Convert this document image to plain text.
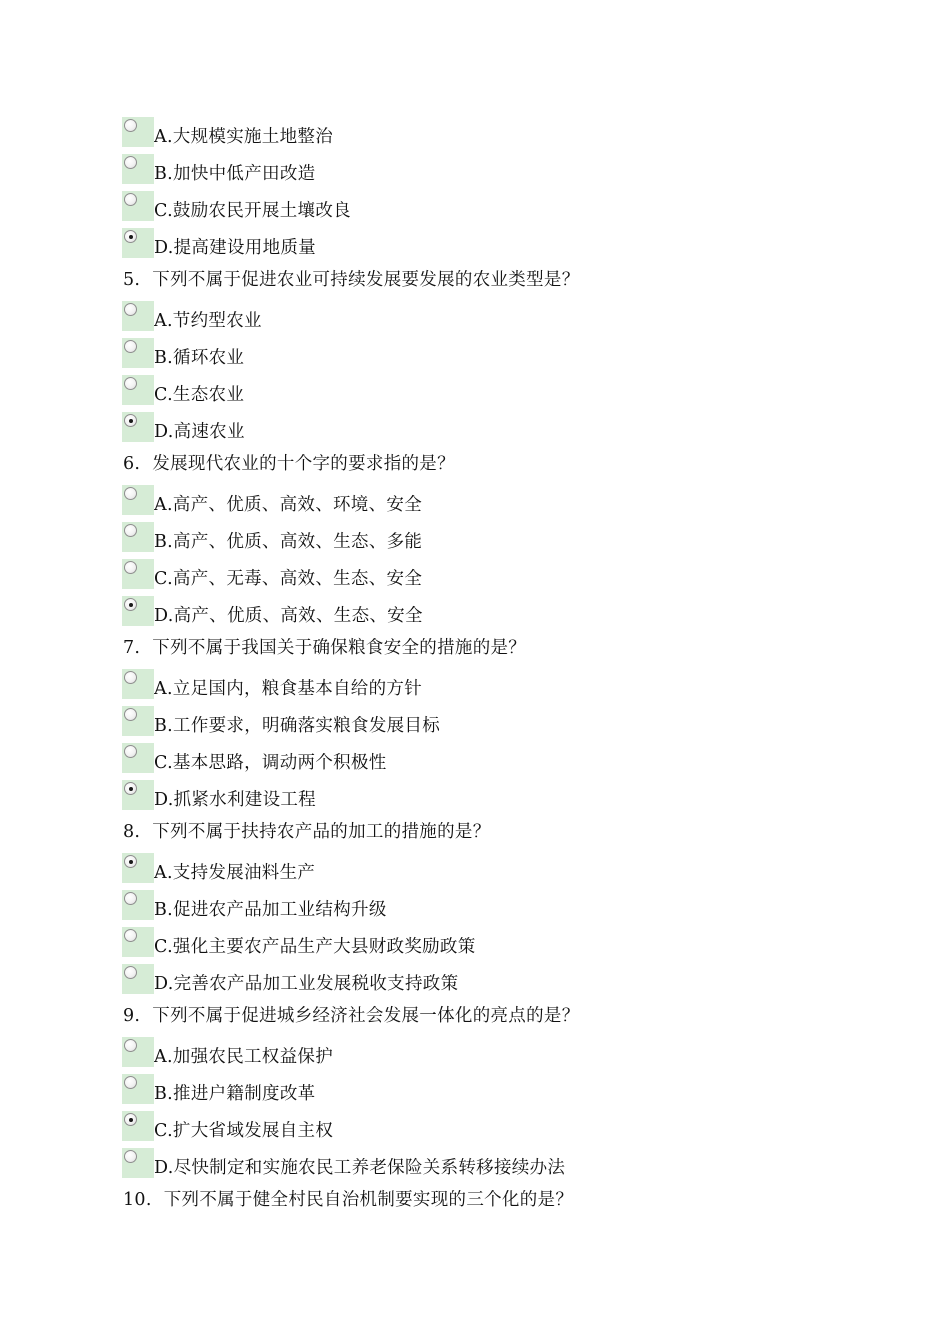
A.大规模实施土地整治
B.加快中低产田改造
C.鼓励农民开展土壤改良
D.提高建设用地质量
5. 下列不属于促进农业可持续发展要发展的农业类型是？
A.节约型农业
B.循环农业
C.生态农业
D.高速农业
6. 发展现代农业的十个字的要求指的是？
A.高产、优质、高效、环境、安全
B.高产、优质、高效、生态、多能
C.高产、无毒、高效、生态、安全
D.高产、优质、高效、生态、安全
7. 下列不属于我国关于确保粮食安全的措施的是？
A.立足国内，粮食基本自给的方针
B.工作要求，明确落实粮食发展目标
C.基本思路，调动两个积极性
D.抓紧水利建设工程
8. 下列不属于扶持农产品的加工的措施的是？
A.支持发展油料生产
B.促进农产品加工业结构升级
C.强化主要农产品生产大县财政奖励政策
D.完善农产品加工业发展税收支持政策
9. 下列不属于促进城乡经济社会发展一体化的亮点的是？
A.加强农民工权益保护
B.推进户籍制度改革
C.扩大省域发展自主权
D.尽快制定和实施农民工养老保险关系转移接续办法
10. 下列不属于健全村民自治机制要实现的三个化的是？
